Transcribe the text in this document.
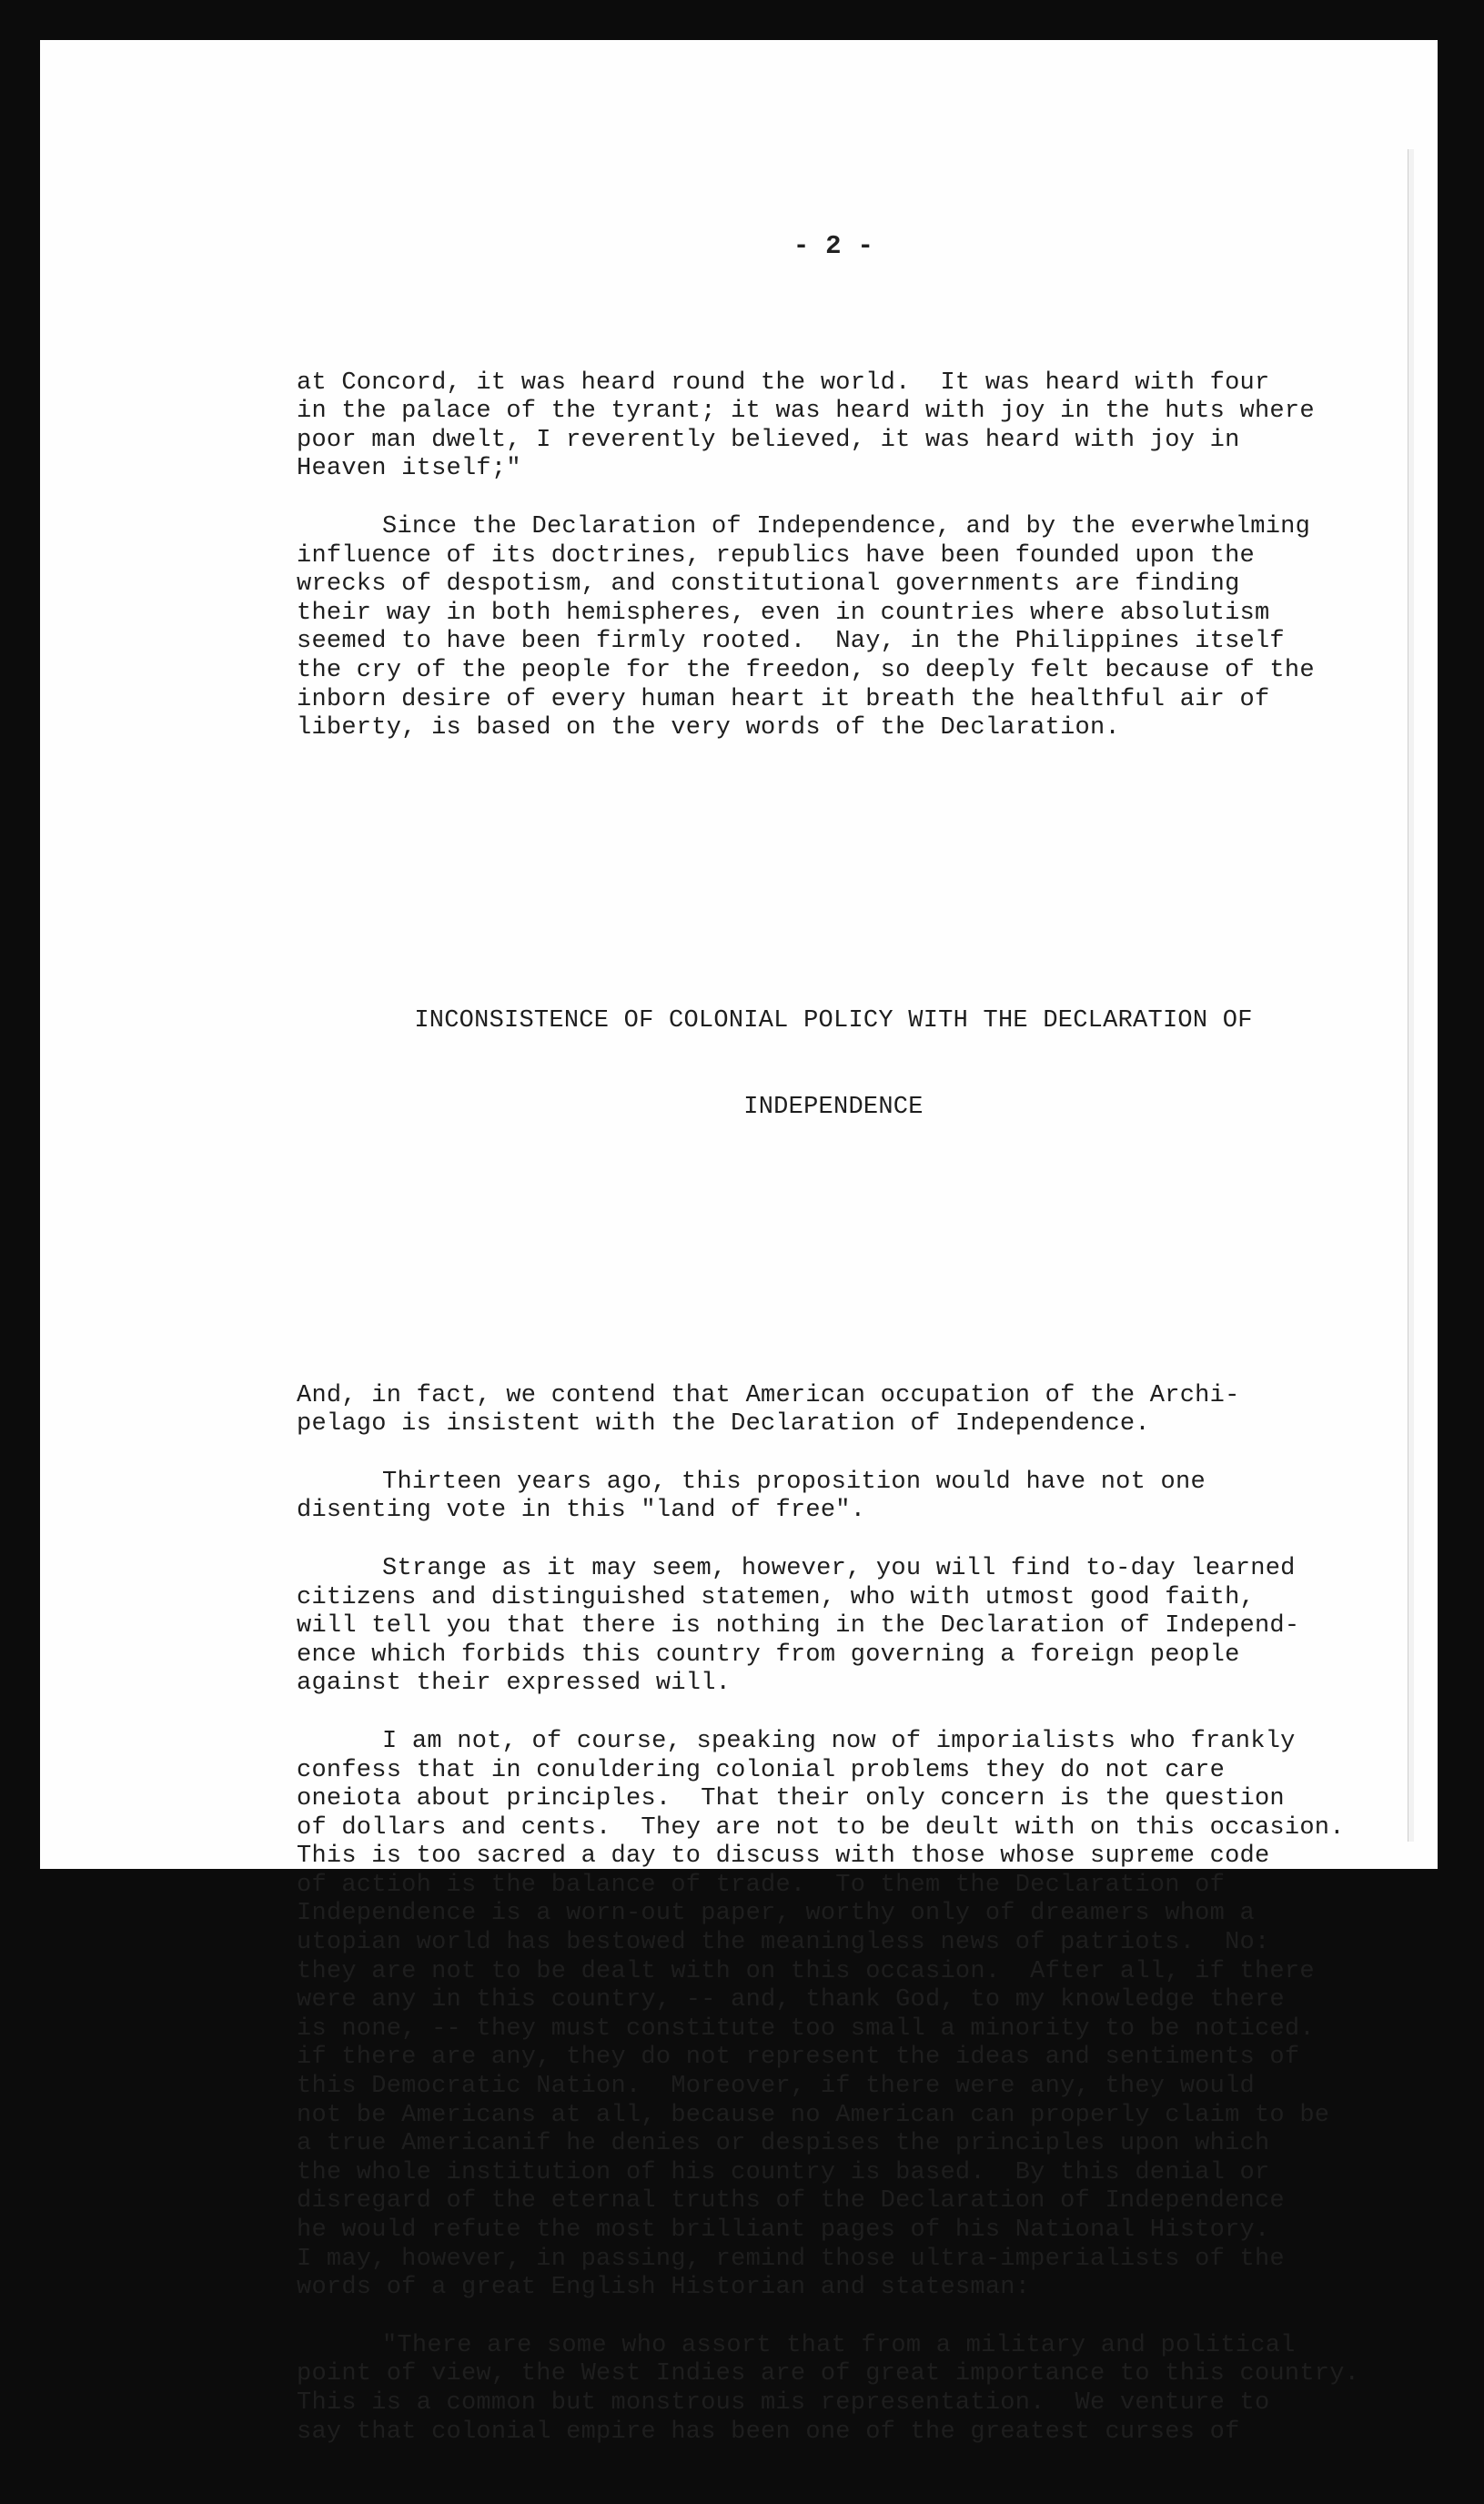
- 2 -

at Concord, it was heard round the world.  It was heard with four
in the palace of the tyrant; it was heard with joy in the huts where
poor man dwelt, I reverently believed, it was heard with joy in
Heaven itself;"
Since the Declaration of Independence, and by the everwhelming
influence of its doctrines, republics have been founded upon the
wrecks of despotism, and constitutional governments are finding
their way in both hemispheres, even in countries where absolutism
seemed to have been firmly rooted.  Nay, in the Philippines itself
the cry of the people for the freedon, so deeply felt because of the
inborn desire of every human heart it breath the healthful air of
liberty, is based on the very words of the Declaration.

INCONSISTENCE OF COLONIAL POLICY WITH THE DECLARATION OF

INDEPENDENCE

And, in fact, we contend that American occupation of the Archi-
pelago is insistent with the Declaration of Independence.
Thirteen years ago, this proposition would have not one
disenting vote in this "land of free".
Strange as it may seem, however, you will find to-day learned
citizens and distinguished statemen, who with utmost good faith,
will tell you that there is nothing in the Declaration of Independ-
ence which forbids this country from governing a foreign people
against their expressed will.
I am not, of course, speaking now of imporialists who frankly
confess that in conuldering colonial problems they do not care
oneiota about principles.  That their only concern is the question
of dollars and cents.  They are not to be deult with on this occasion.
This is too sacred a day to discuss with those whose supreme code
of actioh is the balance of trade.  To them the Declaration of
Independence is a worn-out paper, worthy only of dreamers whom a
utopian world has bestowed the meaningless news of patriots.  No:
they are not to be dealt with on this occasion.  After all, if there
were any in this country, -- and, thank God, to my knowledge there
is none, -- they must constitute too small a minority to be noticed.
if there are any, they do not represent the ideas and sentiments of
this Democratic Nation.  Moreover, if there were any, they would
not be Americans at all, because no American can properly claim to be
a true Americanif he denies or despises the principles upon which
the whole institution of his country is based.  By this denial or
disregard of the eternal truths of the Declaration of Independence
he would refute the most brilliant pages of his National History.
I may, however, in passing, remind those ultra-imperialists of the
words of a great English Historian and statesman:
"There are some who assort that from a military and political
point of view, the West Indies are of great importance to this country.
This is a common but monstrous mis representation.  We venture to
say that colonial empire has been one of the greatest curses of
